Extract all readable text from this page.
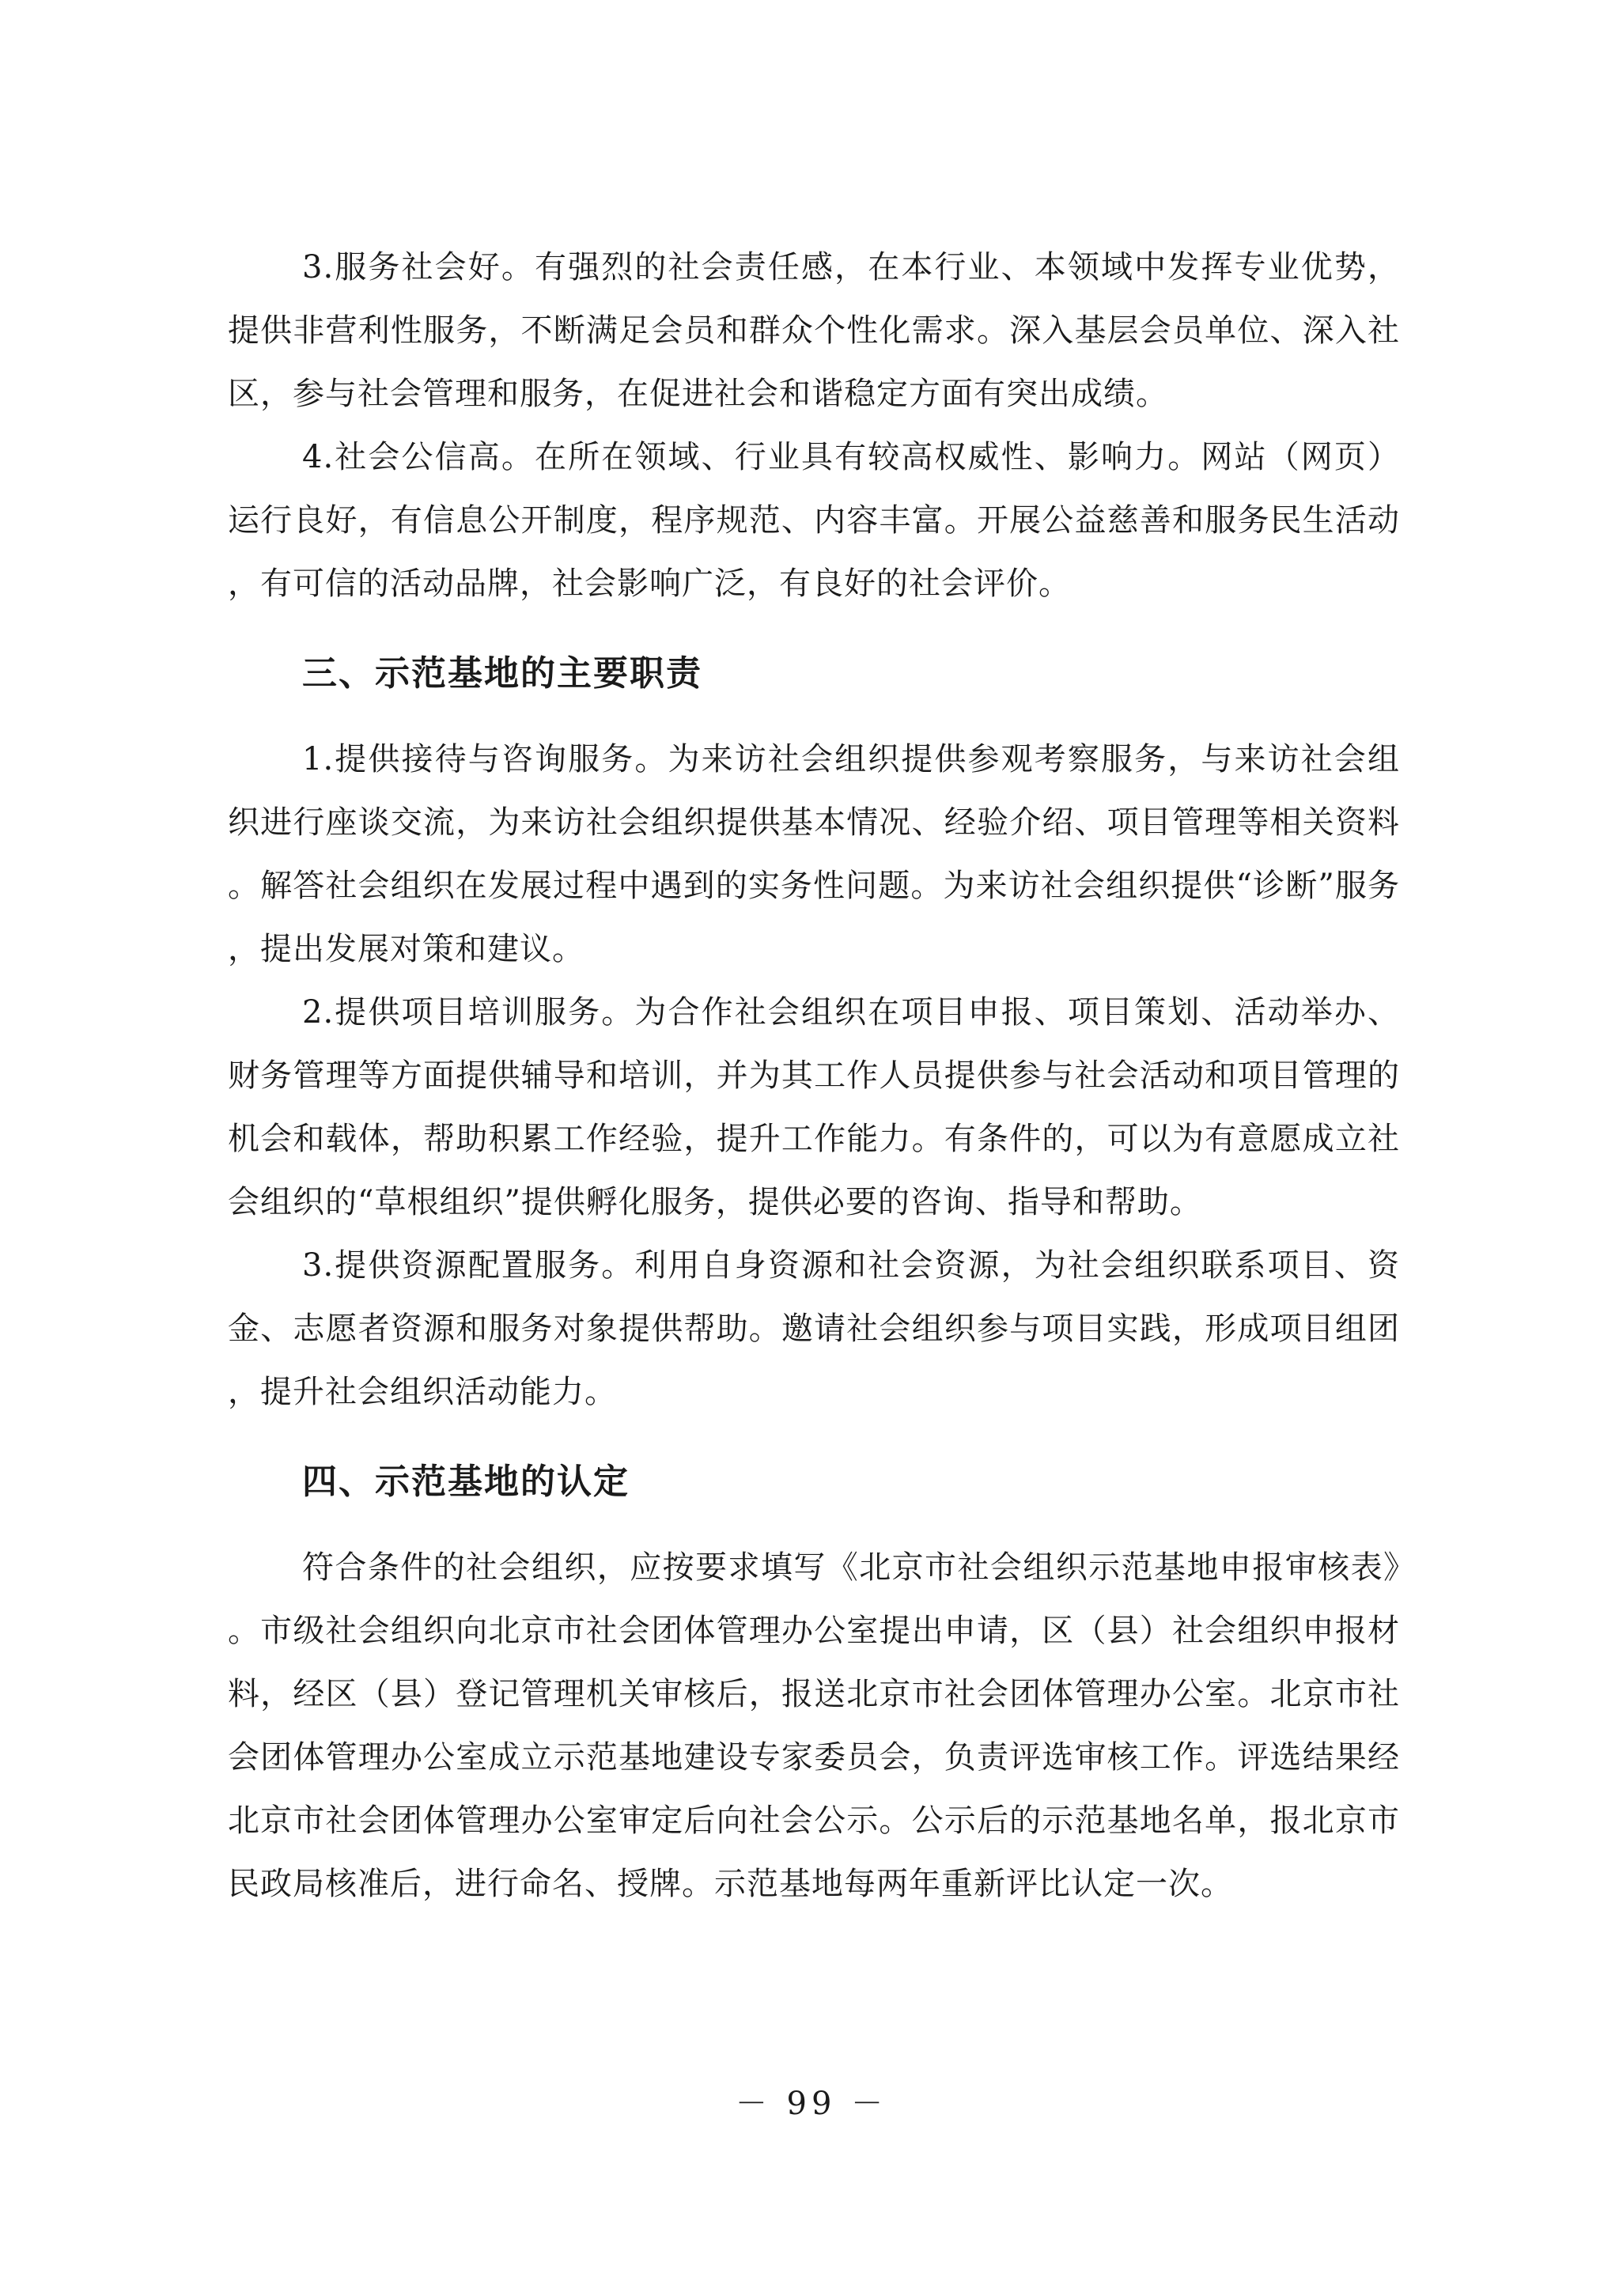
3.服务社会好。有强烈的社会责任感，在本行业、本领域中发挥专业优势，提供非营利性服务，不断满足会员和群众个性化需求。深入基层会员单位、深入社区，参与社会管理和服务，在促进社会和谐稳定方面有突出成绩。

4.社会公信高。在所在领域、行业具有较高权威性、影响力。网站（网页）运行良好，有信息公开制度，程序规范、内容丰富。开展公益慈善和服务民生活动，有可信的活动品牌，社会影响广泛，有良好的社会评价。

三、示范基地的主要职责

1.提供接待与咨询服务。为来访社会组织提供参观考察服务，与来访社会组织进行座谈交流，为来访社会组织提供基本情况、经验介绍、项目管理等相关资料。解答社会组织在发展过程中遇到的实务性问题。为来访社会组织提供“诊断”服务，提出发展对策和建议。

2.提供项目培训服务。为合作社会组织在项目申报、项目策划、活动举办、财务管理等方面提供辅导和培训，并为其工作人员提供参与社会活动和项目管理的机会和载体，帮助积累工作经验，提升工作能力。有条件的，可以为有意愿成立社会组织的“草根组织”提供孵化服务，提供必要的咨询、指导和帮助。

3.提供资源配置服务。利用自身资源和社会资源，为社会组织联系项目、资金、志愿者资源和服务对象提供帮助。邀请社会组织参与项目实践，形成项目组团，提升社会组织活动能力。

四、示范基地的认定

符合条件的社会组织，应按要求填写《北京市社会组织示范基地申报审核表》。市级社会组织向北京市社会团体管理办公室提出申请，区（县）社会组织申报材料，经区（县）登记管理机关审核后，报送北京市社会团体管理办公室。北京市社会团体管理办公室成立示范基地建设专家委员会，负责评选审核工作。评选结果经北京市社会团体管理办公室审定后向社会公示。公示后的示范基地名单，报北京市民政局核准后，进行命名、授牌。示范基地每两年重新评比认定一次。

－ 99 －
